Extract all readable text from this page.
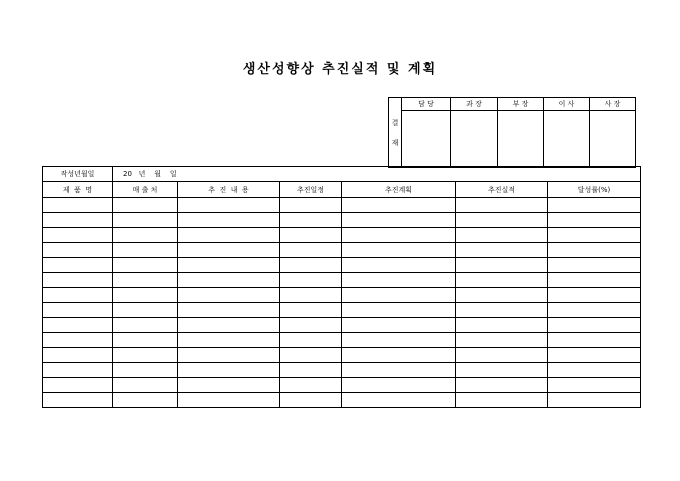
생산성향상 추진실적 및 계획
결
재	담 당	과 장	부 장	이 사	사 장

작성년월일	20   년    월    일					
제  품  명	매 출 처	추  진  내  용	추진일정	추진계획	추진실적	달성률(%)
